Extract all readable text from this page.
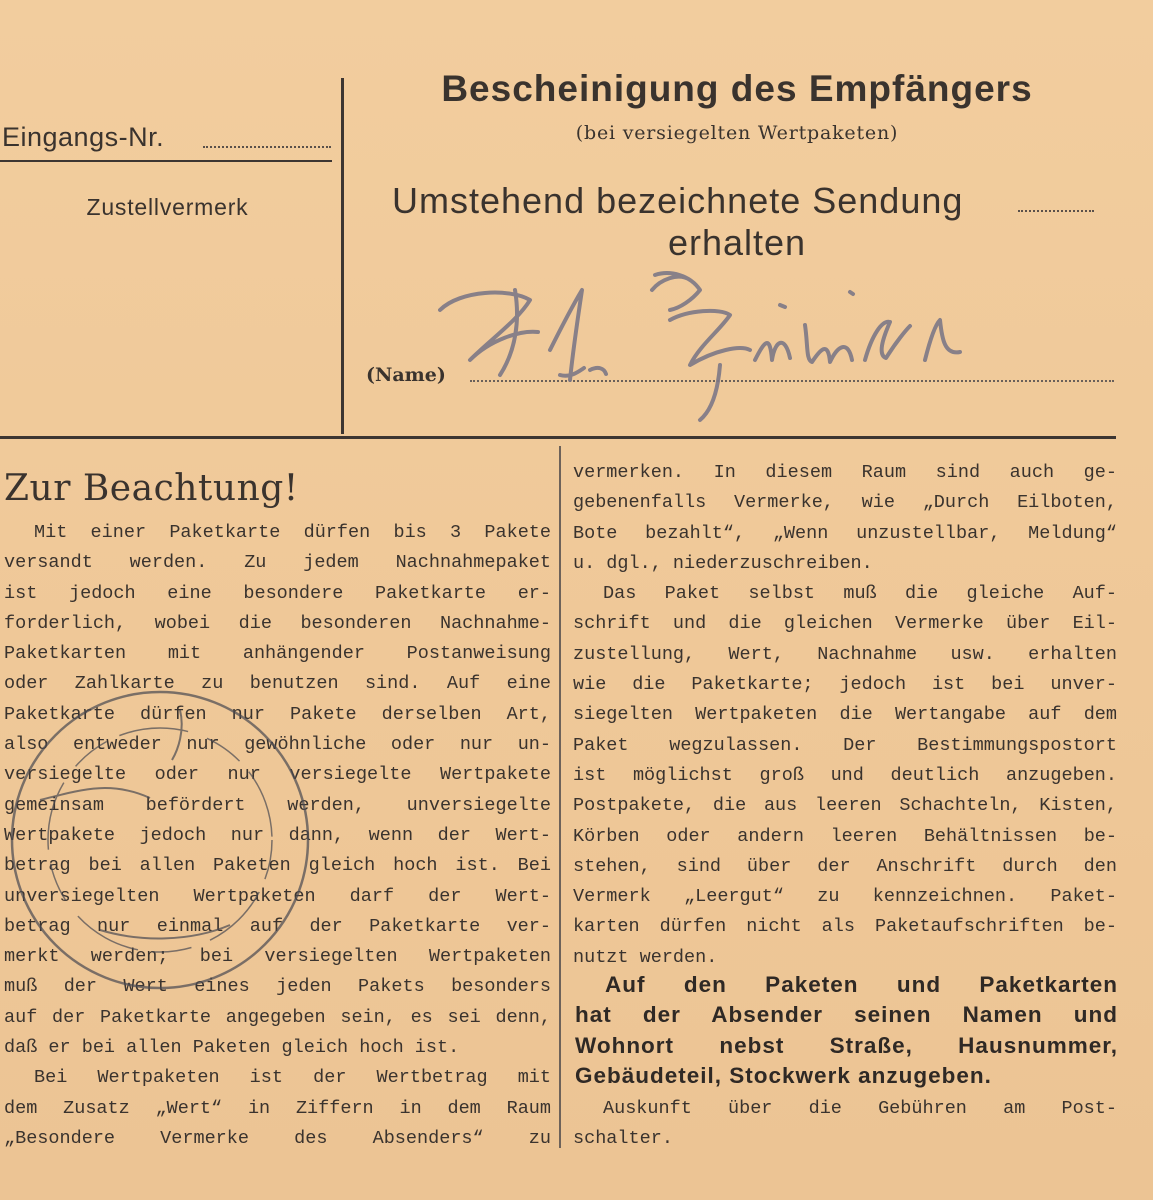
Eingangs-Nr.
Zustellvermerk
Bescheinigung des Empfängers
(bei versiegelten Wertpaketen)
Umstehend bezeichnete Sendung
erhalten
(Name)
Erl. Brünell
Zur Beachtung!
Mit einer Paketkarte dürfen bis 3 Pakete
versandt werden. Zu jedem Nachnahmepaket
ist jedoch eine besondere Paketkarte er-
forderlich, wobei die besonderen Nachnahme-
Paketkarten mit anhängender Postanweisung
oder Zahlkarte zu benutzen sind. Auf eine
Paketkarte dürfen nur Pakete derselben Art,
also entweder nur gewöhnliche oder nur un-
versiegelte oder nur versiegelte Wertpakete
gemeinsam befördert werden, unversiegelte
Wertpakete jedoch nur dann, wenn der Wert-
betrag bei allen Paketen gleich hoch ist. Bei
unversiegelten Wertpaketen darf der Wert-
betrag nur einmal auf der Paketkarte ver-
merkt werden; bei versiegelten Wertpaketen
muß der Wert eines jeden Pakets besonders
auf der Paketkarte angegeben sein, es sei denn,
daß er bei allen Paketen gleich hoch ist.
Bei Wertpaketen ist der Wertbetrag mit
dem Zusatz „Wert“ in Ziffern in dem Raum
„Besondere Vermerke des Absenders“ zu
vermerken. In diesem Raum sind auch ge-
gebenenfalls Vermerke, wie „Durch Eilboten,
Bote bezahlt“, „Wenn unzustellbar, Meldung“
u. dgl., niederzuschreiben.
Das Paket selbst muß die gleiche Auf-
schrift und die gleichen Vermerke über Eil-
zustellung, Wert, Nachnahme usw. erhalten
wie die Paketkarte; jedoch ist bei unver-
siegelten Wertpaketen die Wertangabe auf dem
Paket wegzulassen. Der Bestimmungspostort
ist möglichst groß und deutlich anzugeben.
Postpakete, die aus leeren Schachteln, Kisten,
Körben oder andern leeren Behältnissen be-
stehen, sind über der Anschrift durch den
Vermerk „Leergut“ zu kennzeichnen. Paket-
karten dürfen nicht als Paketaufschriften be-
nutzt werden.
Auf den Paketen und Paketkarten
hat der Absender seinen Namen und
Wohnort nebst Straße, Hausnummer,
Gebäudeteil, Stockwerk anzugeben.
Auskunft über die Gebühren am Post-
schalter.
